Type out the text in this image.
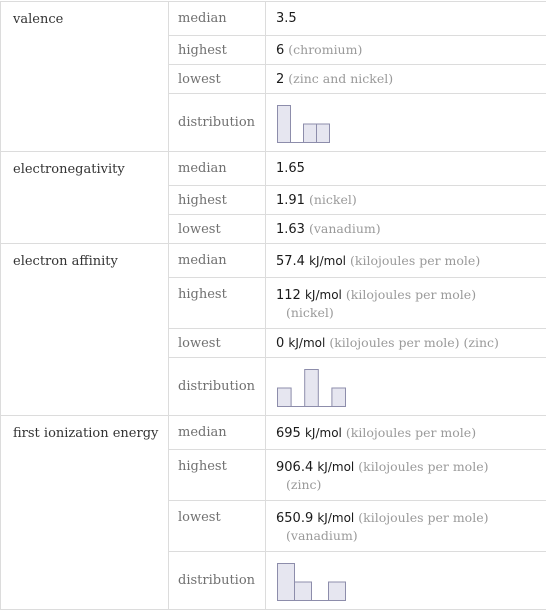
valence	median	3.5
	highest	6 (chromium)
	lowest	2 (zinc and nickel)
	distribution	

electronegativity	median	1.65
	highest	1.91 (nickel)
	lowest	1.63 (vanadium)
electron affinity	median	57.4 kJ/mol (kilojoules per mole)
	highest	112 kJ/mol (kilojoules per mole)
(nickel)

	lowest	0 kJ/mol (kilojoules per mole) (zinc)
	distribution	

first ionization energy	median	695 kJ/mol (kilojoules per mole)
	highest	906.4 kJ/mol (kilojoules per mole)
(zinc)

	lowest	650.9 kJ/mol (kilojoules per mole)
(vanadium)

	distribution	
